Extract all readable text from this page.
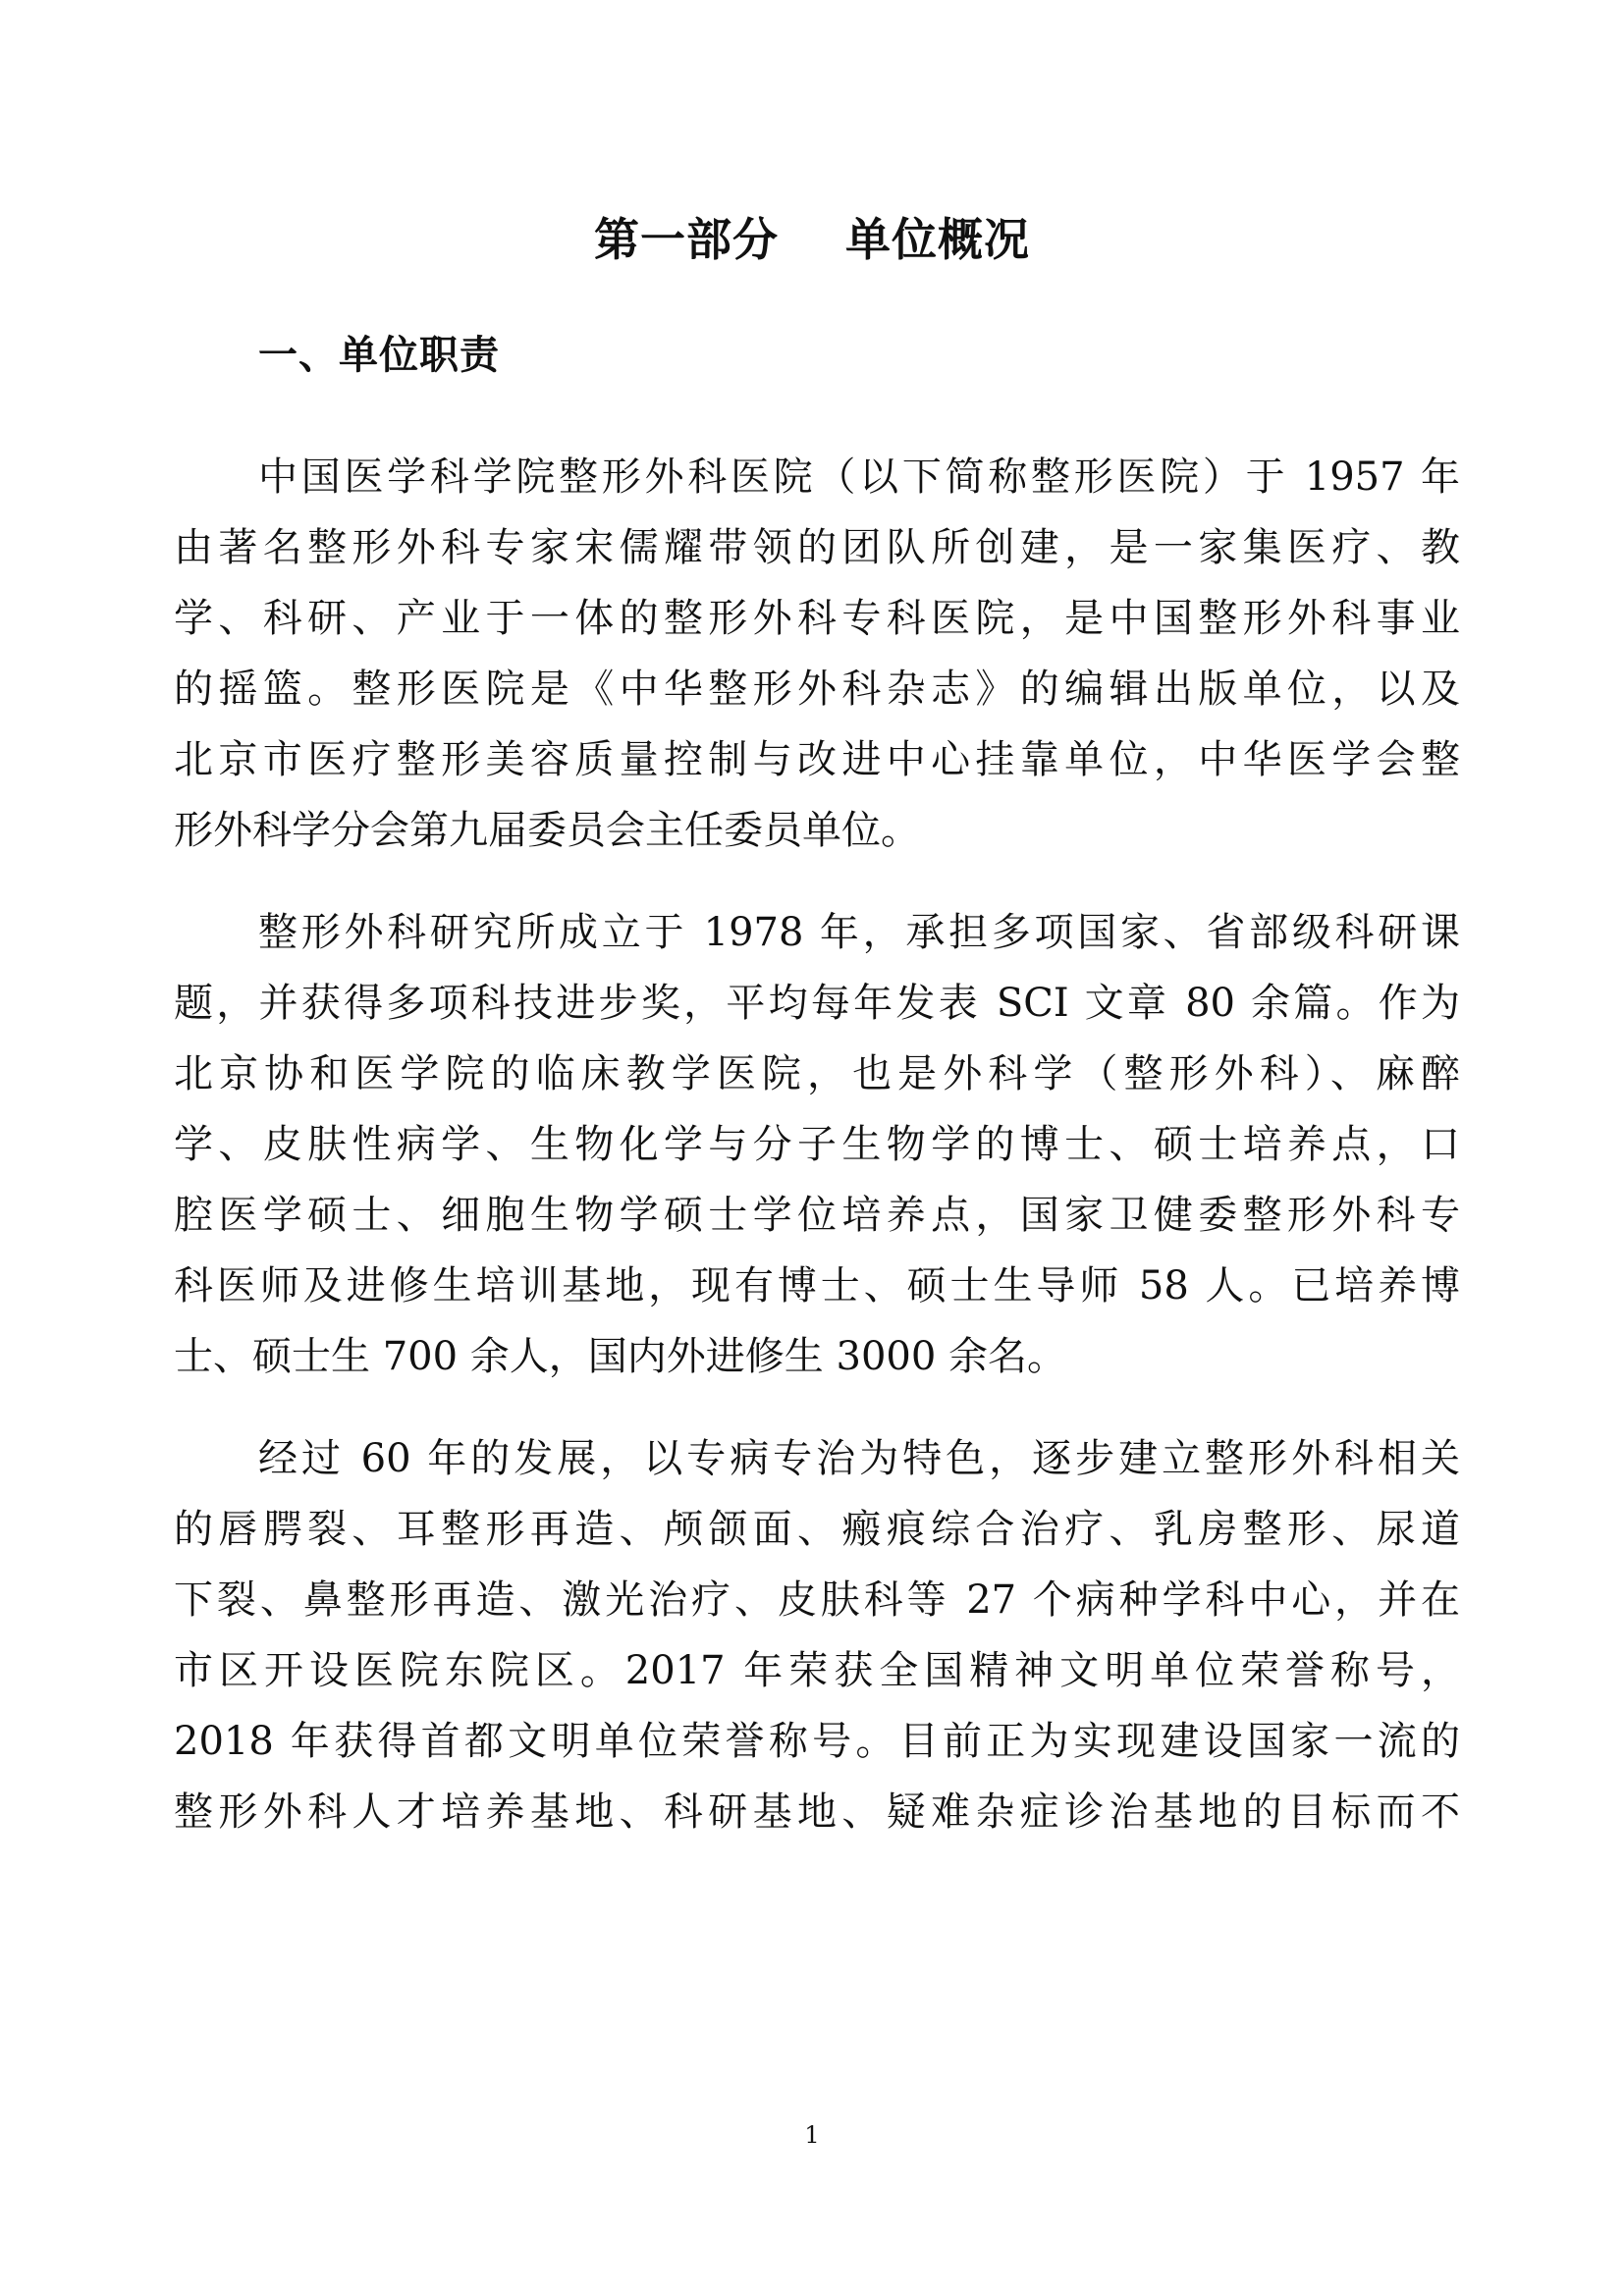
第一部分    单位概况
一、单位职责
中国医学科学院整形外科医院（以下简称整形医院）于 1957 年
由著名整形外科专家宋儒耀带领的团队所创建，是一家集医疗、教
学、科研、产业于一体的整形外科专科医院，是中国整形外科事业
的摇篮。整形医院是《中华整形外科杂志》的编辑出版单位，以及
北京市医疗整形美容质量控制与改进中心挂靠单位，中华医学会整
形外科学分会第九届委员会主任委员单位。
整形外科研究所成立于 1978 年，承担多项国家、省部级科研课
题，并获得多项科技进步奖，平均每年发表 SCI 文章 80 余篇。作为
北京协和医学院的临床教学医院，也是外科学（整形外科）、麻醉
学、皮肤性病学、生物化学与分子生物学的博士、硕士培养点，口
腔医学硕士、细胞生物学硕士学位培养点，国家卫健委整形外科专
科医师及进修生培训基地，现有博士、硕士生导师 58 人。已培养博
士、硕士生 700 余人，国内外进修生 3000 余名。
经过 60 年的发展，以专病专治为特色，逐步建立整形外科相关
的唇腭裂、耳整形再造、颅颌面、瘢痕综合治疗、乳房整形、尿道
下裂、鼻整形再造、激光治疗、皮肤科等 27 个病种学科中心，并在
市区开设医院东院区。2017 年荣获全国精神文明单位荣誉称号，
2018 年获得首都文明单位荣誉称号。目前正为实现建设国家一流的
整形外科人才培养基地、科研基地、疑难杂症诊治基地的目标而不
1
